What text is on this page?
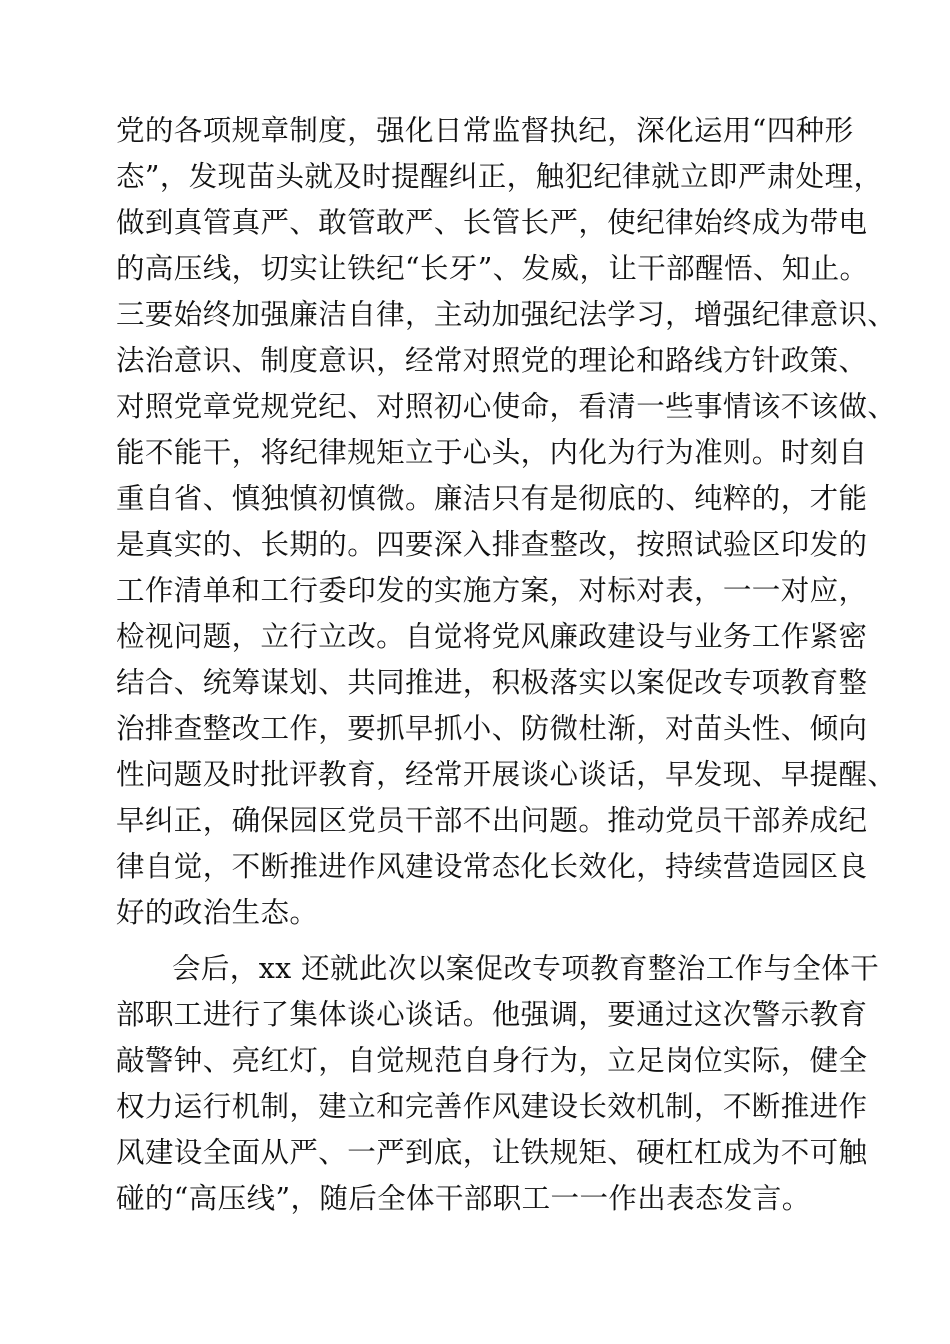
党的各项规章制度，强化日常监督执纪，深化运用“四种形
态”，发现苗头就及时提醒纠正，触犯纪律就立即严肃处理，
做到真管真严、敢管敢严、长管长严，使纪律始终成为带电
的高压线，切实让铁纪“长牙”、发威，让干部醒悟、知止。
三要始终加强廉洁自律，主动加强纪法学习，增强纪律意识、
法治意识、制度意识，经常对照党的理论和路线方针政策、
对照党章党规党纪、对照初心使命，看清一些事情该不该做、
能不能干，将纪律规矩立于心头，内化为行为准则。时刻自
重自省、慎独慎初慎微。廉洁只有是彻底的、纯粹的，才能
是真实的、长期的。四要深入排查整改，按照试验区印发的
工作清单和工行委印发的实施方案，对标对表，一一对应，
检视问题，立行立改。自觉将党风廉政建设与业务工作紧密
结合、统筹谋划、共同推进，积极落实以案促改专项教育整
治排查整改工作，要抓早抓小、防微杜渐，对苗头性、倾向
性问题及时批评教育，经常开展谈心谈话，早发现、早提醒、
早纠正，确保园区党员干部不出问题。推动党员干部养成纪
律自觉，不断推进作风建设常态化长效化，持续营造园区良
好的政治生态。
会后，xx 还就此次以案促改专项教育整治工作与全体干
部职工进行了集体谈心谈话。他强调，要通过这次警示教育
敲警钟、亮红灯，自觉规范自身行为，立足岗位实际，健全
权力运行机制，建立和完善作风建设长效机制，不断推进作
风建设全面从严、一严到底，让铁规矩、硬杠杠成为不可触
碰的“高压线”，随后全体干部职工一一作出表态发言。
